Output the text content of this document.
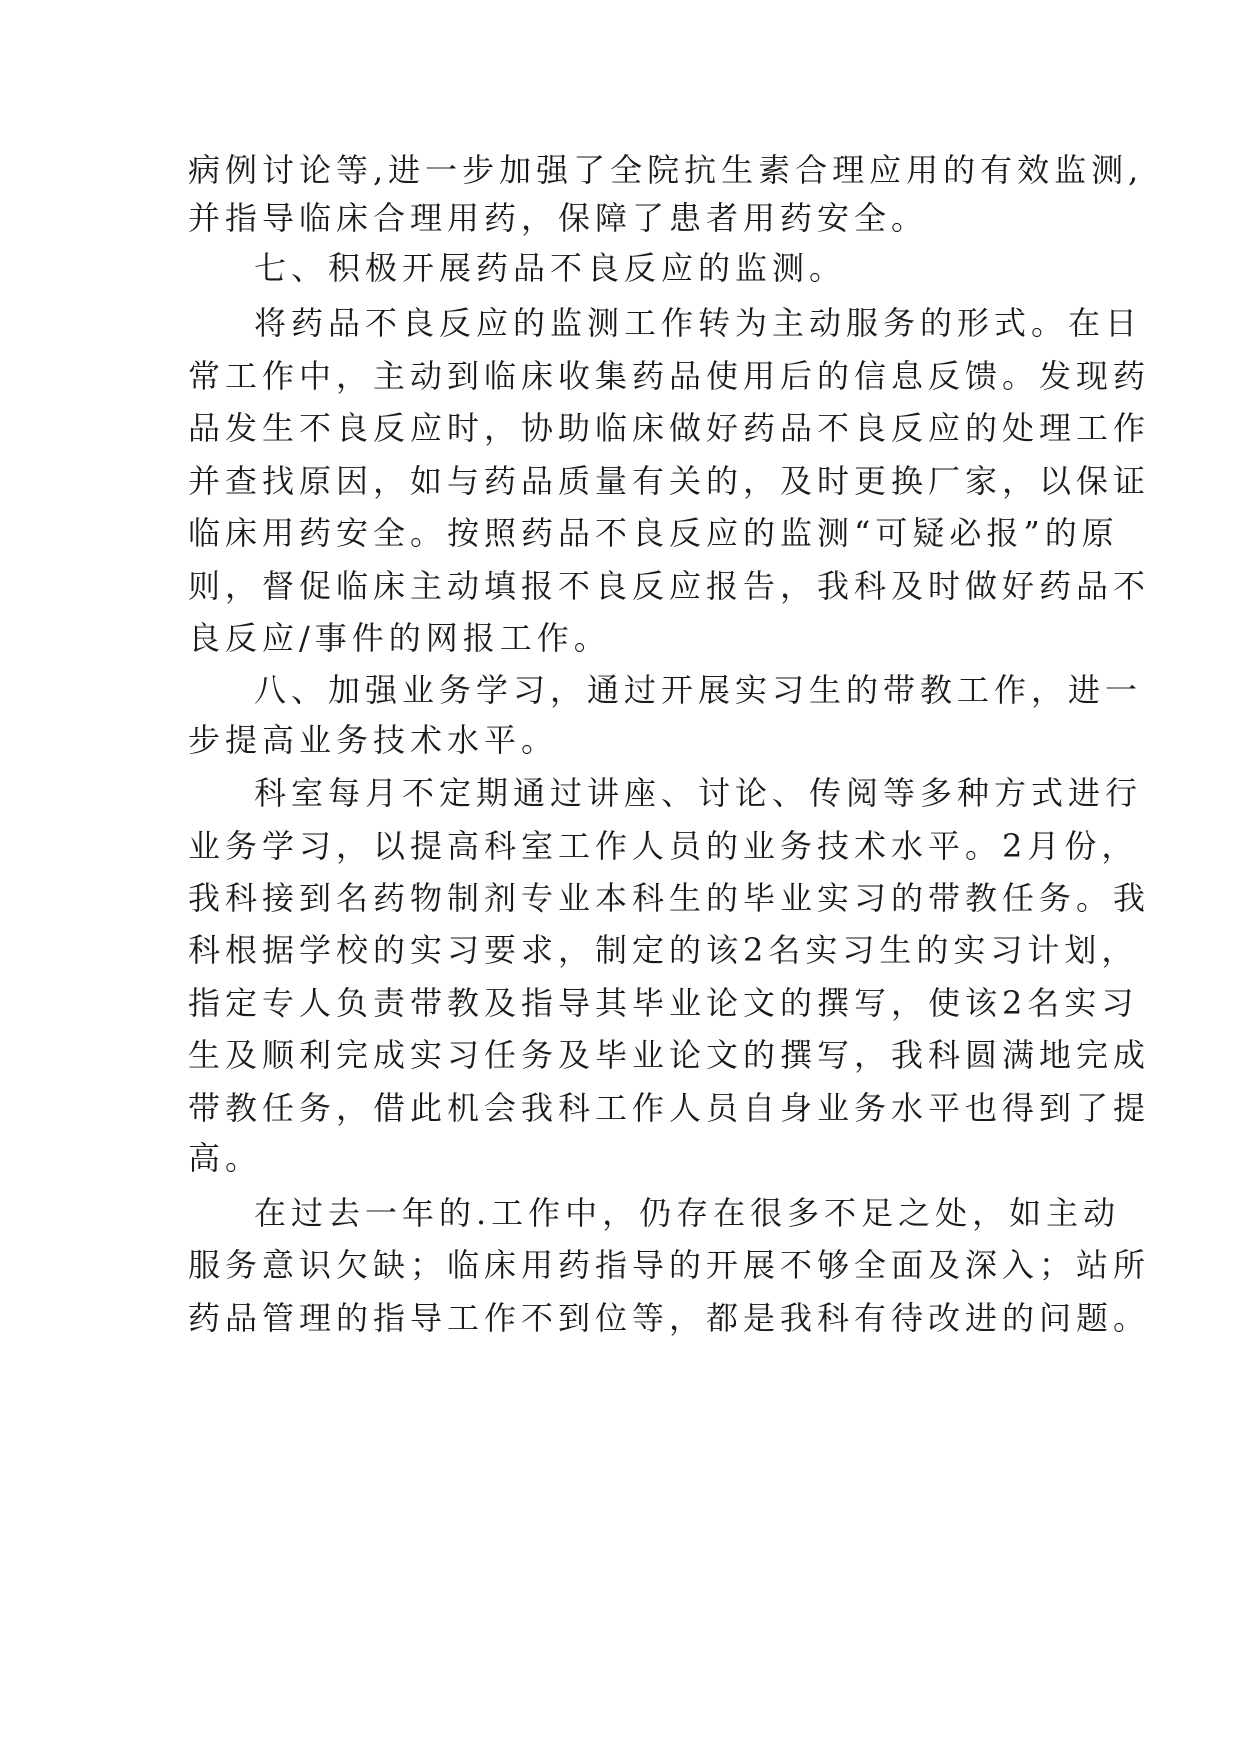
病例讨论等,进一步加强了全院抗生素合理应用的有效监测,
并指导临床合理用药，保障了患者用药安全。
七、积极开展药品不良反应的监测。
将药品不良反应的监测工作转为主动服务的形式。在日
常工作中，主动到临床收集药品使用后的信息反馈。发现药
品发生不良反应时，协助临床做好药品不良反应的处理工作
并查找原因，如与药品质量有关的，及时更换厂家，以保证
临床用药安全。按照药品不良反应的监测“可疑必报”的原
则，督促临床主动填报不良反应报告，我科及时做好药品不
良反应/事件的网报工作。
八、加强业务学习，通过开展实习生的带教工作，进一
步提高业务技术水平。
科室每月不定期通过讲座、讨论、传阅等多种方式进行
业务学习，以提高科室工作人员的业务技术水平。2月份，
我科接到名药物制剂专业本科生的毕业实习的带教任务。我
科根据学校的实习要求，制定的该2名实习生的实习计划，
指定专人负责带教及指导其毕业论文的撰写，使该2名实习
生及顺利完成实习任务及毕业论文的撰写，我科圆满地完成
带教任务，借此机会我科工作人员自身业务水平也得到了提
高。
在过去一年的.工作中，仍存在很多不足之处，如主动
服务意识欠缺；临床用药指导的开展不够全面及深入；站所
药品管理的指导工作不到位等，都是我科有待改进的问题。
